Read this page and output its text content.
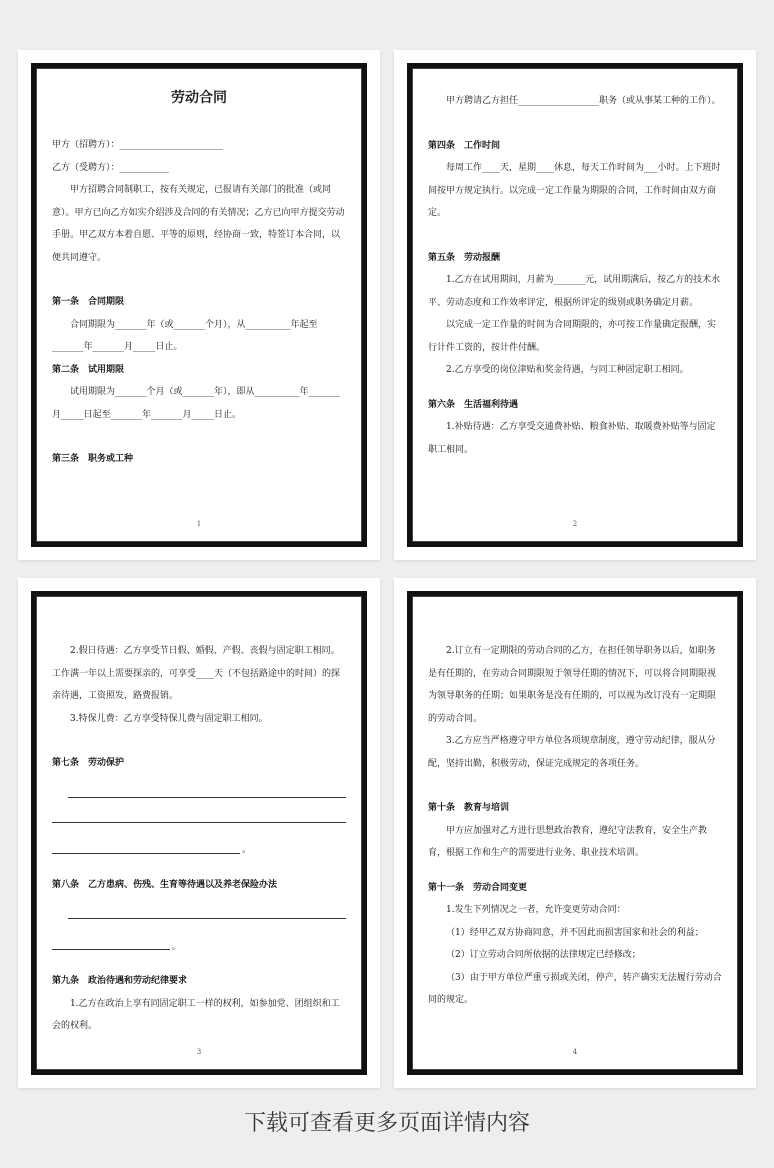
劳动合同

甲方（招聘方）：_______________________

乙方（受聘方）：___________

甲方招聘合同制职工，按有关规定，已报请有关部门的批准（或同意）。甲方已向乙方如实介绍涉及合同的有关情况；乙方已向甲方提交劳动手册。甲乙双方本着自愿、平等的原则，经协商一致，特签订本合同，以便共同遵守。

第一条　合同期限

合同期限为_______年（或_______个月），从__________年起至_______年_______月_____日止。

第二条　试用期限

试用期限为_______个月（或_______年），即从__________年_______月_____日起至_______年_______月_____日止。

第三条　职务或工种

1

甲方聘请乙方担任__________________职务（或从事某工种的工作）。

第四条　工作时间

每周工作____天，星期____休息，每天工作时间为___小时。上下班时间按甲方规定执行。以完成一定工作量为期限的合同，工作时间由双方商定。

第五条　劳动报酬

1.乙方在试用期间，月薪为_______元，试用期满后，按乙方的技术水平、劳动态度和工作效率评定，根据所评定的级别或职务确定月薪。

以完成一定工作量的时间为合同期限的，亦可按工作量确定报酬，实行计件工资的，按计件付酬。

2.乙方享受的岗位津贴和奖金待遇，与同工种固定职工相同。

第六条　生活福利待遇

1.补贴待遇：乙方享受交通费补贴、粮食补贴、取暖费补贴等与固定职工相同。

2

2.假日待遇：乙方享受节日假、婚假、产假、丧假与固定职工相同。工作满一年以上需要探亲的，可享受____天（不包括路途中的时间）的探亲待遇，工资照发，路费报销。

3.特保儿费：乙方享受特保儿费与固定职工相同。

第七条　劳动保护

。

第八条　乙方患病、伤残、生育等待遇以及养老保险办法

。

第九条　政治待遇和劳动纪律要求

1.乙方在政治上享有同固定职工一样的权利，如参加党、团组织和工会的权利。

3

2.订立有一定期限的劳动合同的乙方，在担任领导职务以后，如职务是有任期的，在劳动合同期限短于领导任期的情况下，可以将合同期限视为领导职务的任期；如果职务是没有任期的，可以视为改订没有一定期限的劳动合同。

3.乙方应当严格遵守甲方单位各项规章制度，遵守劳动纪律，服从分配，坚持出勤，积极劳动，保证完成规定的各项任务。

第十条　教育与培训

甲方应加强对乙方进行思想政治教育，遵纪守法教育，安全生产教育，根据工作和生产的需要进行业务、职业技术培训。

第十一条　劳动合同变更

1.发生下列情况之一者，允许变更劳动合同：

（1）经甲乙双方协商同意，并不因此而损害国家和社会的利益；

（2）订立劳动合同所依据的法律规定已经修改；

（3）由于甲方单位严重亏损或关闭，停产，转产确实无法履行劳动合同的规定。

4
下载可查看更多页面详情内容
